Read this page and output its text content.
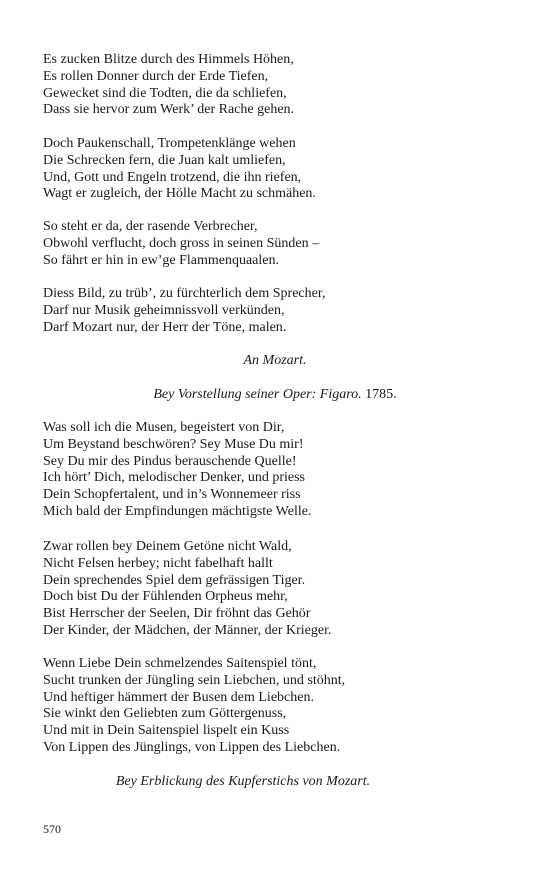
Es zucken Blitze durch des Himmels Höhen,
Es rollen Donner durch der Erde Tiefen,
Gewecket sind die Todten, die da schliefen,
Dass sie hervor zum Werk’ der Rache gehen.
Doch Paukenschall, Trompetenklänge wehen
Die Schrecken fern, die Juan kalt umliefen,
Und, Gott und Engeln trotzend, die ihn riefen,
Wagt er zugleich, der Hölle Macht zu schmähen.
So steht er da, der rasende Verbrecher,
Obwohl verflucht, doch gross in seinen Sünden –
So fährt er hin in ew’ge Flammenquaalen.
Diess Bild, zu trüb’, zu fürchterlich dem Sprecher,
Darf nur Musik geheimnissvoll verkünden,
Darf Mozart nur, der Herr der Töne, malen.
An Mozart.
Bey Vorstellung seiner Oper: Figaro. 1785.
Was soll ich die Musen, begeistert von Dir,
Um Beystand beschwören? Sey Muse Du mir!
Sey Du mir des Pindus berauschende Quelle!
Ich hört’ Dich, melodischer Denker, und priess
Dein Schopfertalent, und in’s Wonnemeer riss
Mich bald der Empfindungen mächtigste Welle.
Zwar rollen bey Deinem Getöne nicht Wald,
Nicht Felsen herbey; nicht fabelhaft hallt
Dein sprechendes Spiel dem gefrässigen Tiger.
Doch bist Du der Fühlenden Orpheus mehr,
Bist Herrscher der Seelen, Dir fröhnt das Gehör
Der Kinder, der Mädchen, der Männer, der Krieger.
Wenn Liebe Dein schmelzendes Saitenspiel tönt,
Sucht trunken der Jüngling sein Liebchen, und stöhnt,
Und heftiger hämmert der Busen dem Liebchen.
Sie winkt den Geliebten zum Göttergenuss,
Und mit in Dein Saitenspiel lispelt ein Kuss
Von Lippen des Jünglings, von Lippen des Liebchen.
Bey Erblickung des Kupferstichs von Mozart.
570
